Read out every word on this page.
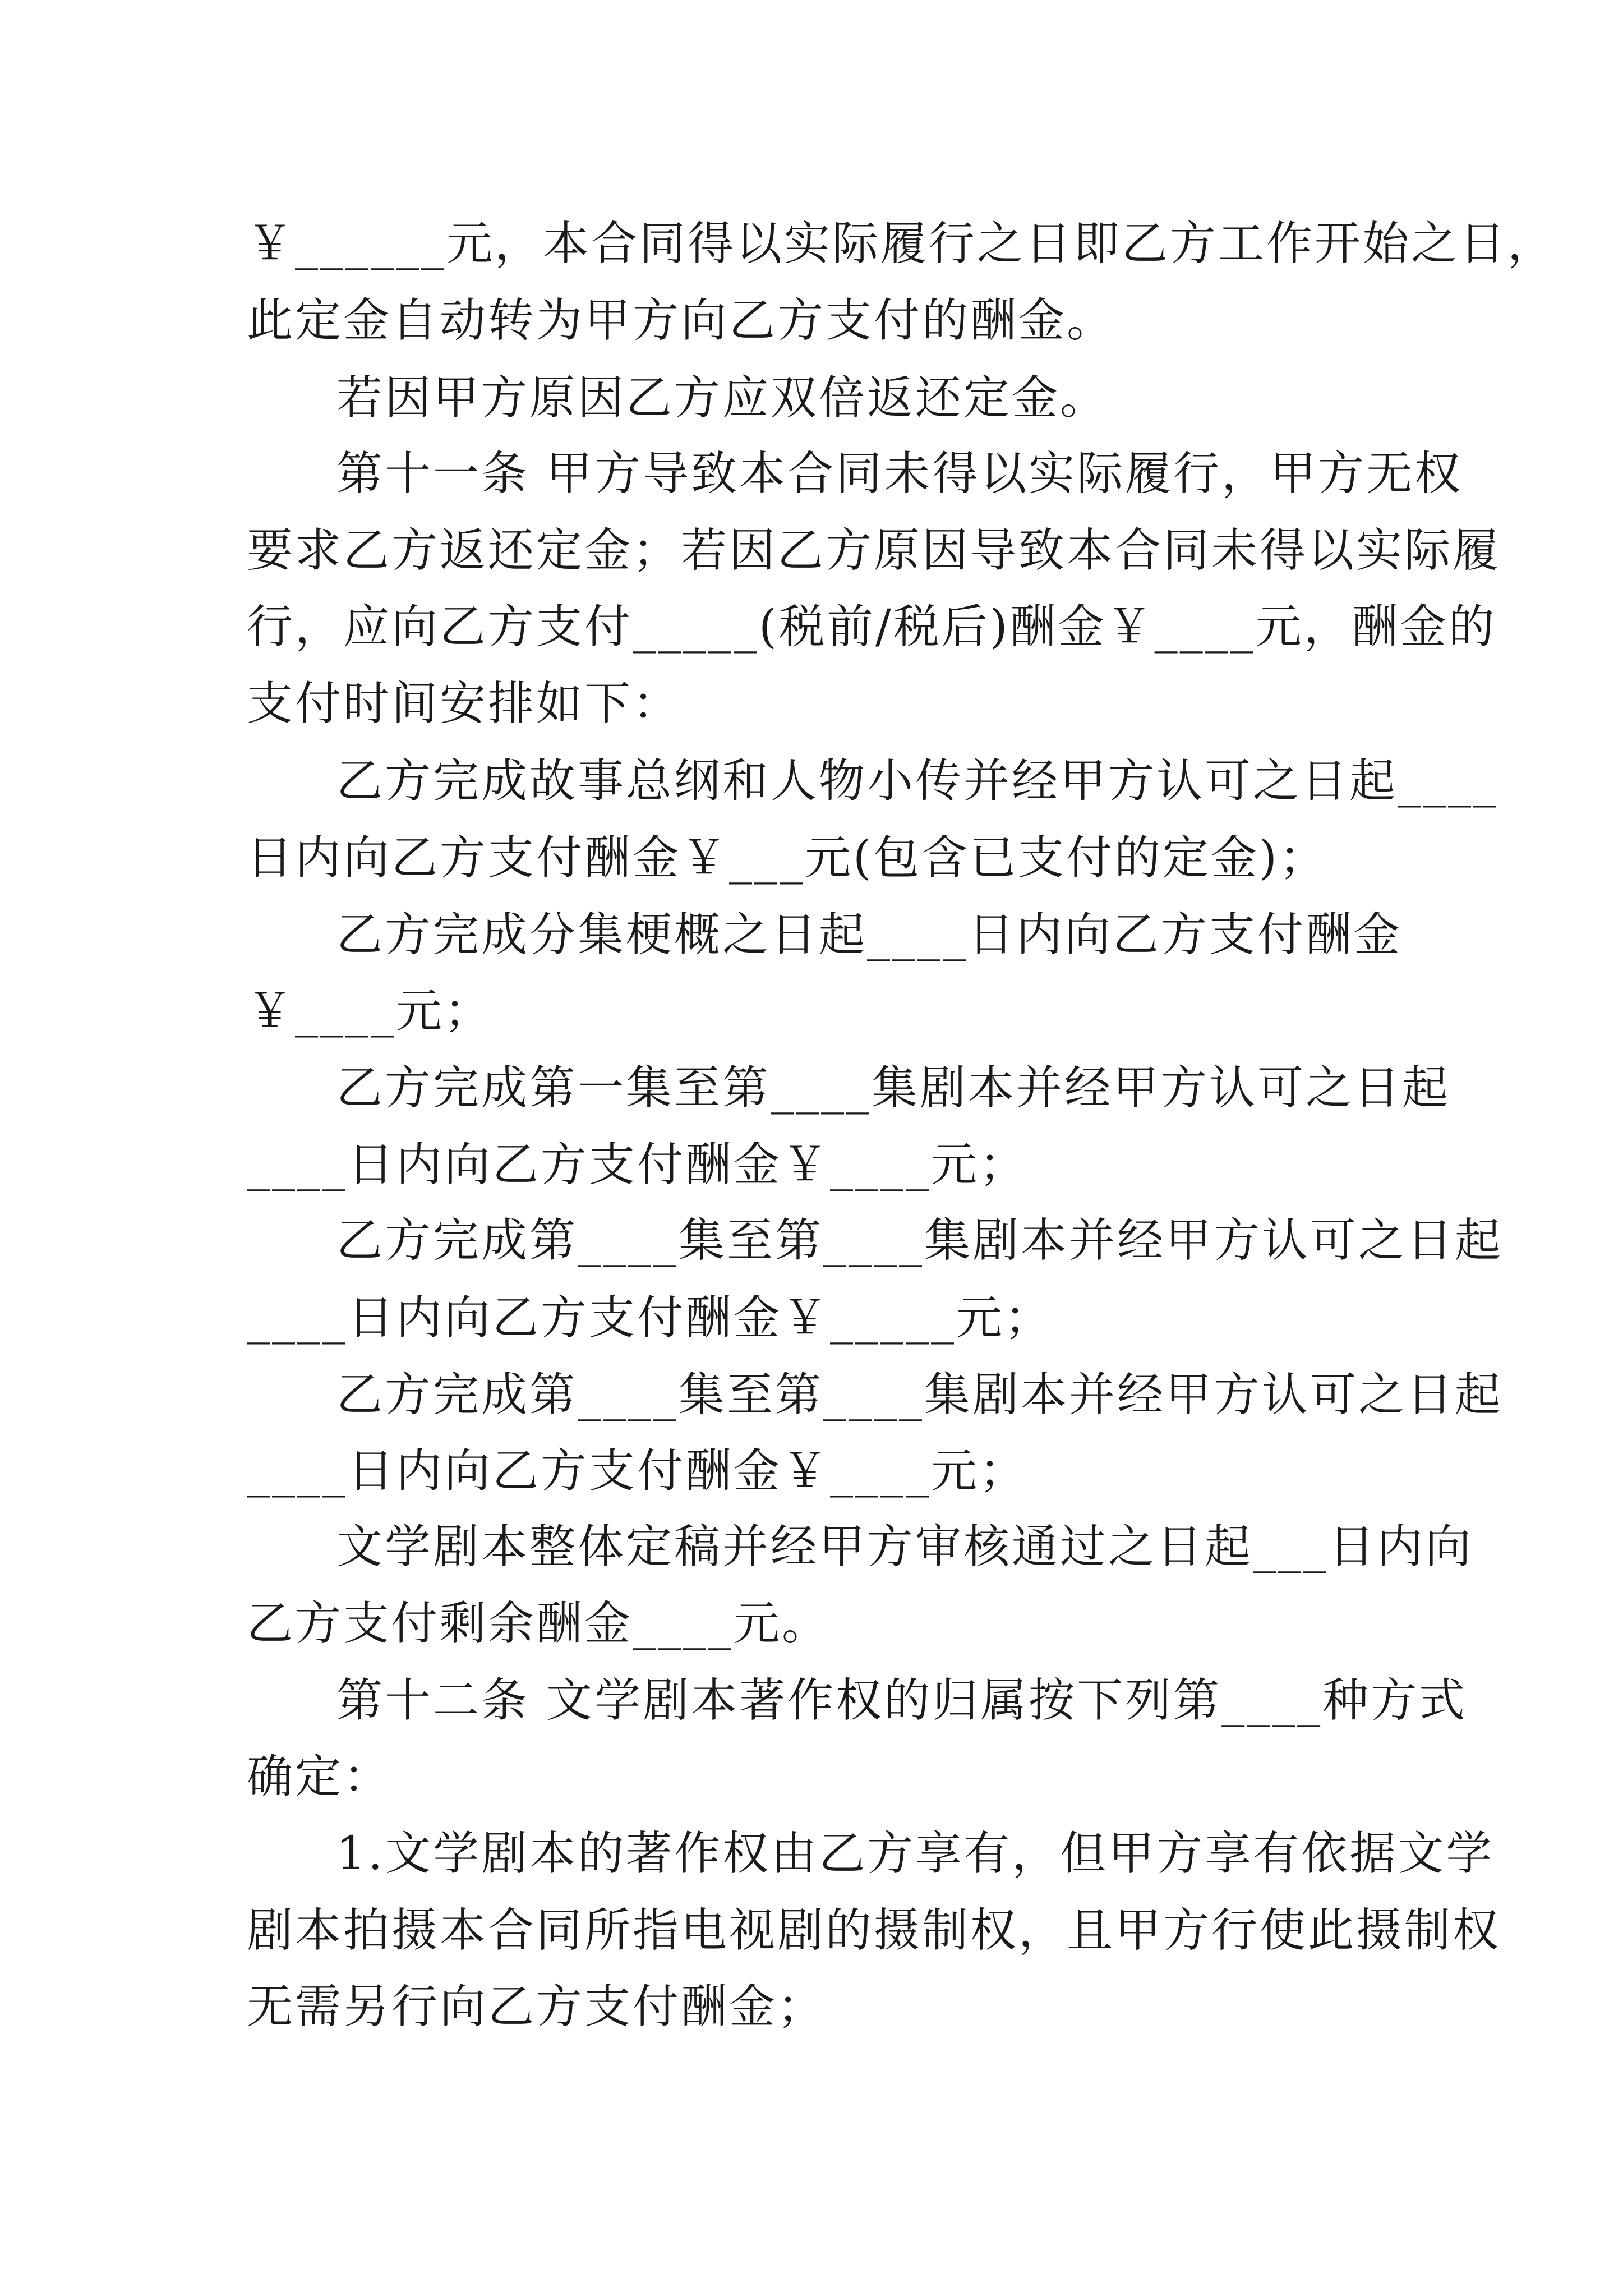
￥______元，本合同得以实际履行之日即乙方工作开始之日，
此定金自动转为甲方向乙方支付的酬金。
若因甲方原因乙方应双倍返还定金。
第十一条 甲方导致本合同未得以实际履行，甲方无权
要求乙方返还定金；若因乙方原因导致本合同未得以实际履
行，应向乙方支付_____(税前/税后)酬金￥____元，酬金的
支付时间安排如下：
乙方完成故事总纲和人物小传并经甲方认可之日起____
日内向乙方支付酬金￥___元(包含已支付的定金)；
乙方完成分集梗概之日起____日内向乙方支付酬金
￥____元；
乙方完成第一集至第____集剧本并经甲方认可之日起
____日内向乙方支付酬金￥____元；
乙方完成第____集至第____集剧本并经甲方认可之日起
____日内向乙方支付酬金￥_____元；
乙方完成第____集至第____集剧本并经甲方认可之日起
____日内向乙方支付酬金￥____元；
文学剧本整体定稿并经甲方审核通过之日起___日内向
乙方支付剩余酬金____元。
第十二条 文学剧本著作权的归属按下列第____种方式
确定：
1.文学剧本的著作权由乙方享有，但甲方享有依据文学
剧本拍摄本合同所指电视剧的摄制权，且甲方行使此摄制权
无需另行向乙方支付酬金；
